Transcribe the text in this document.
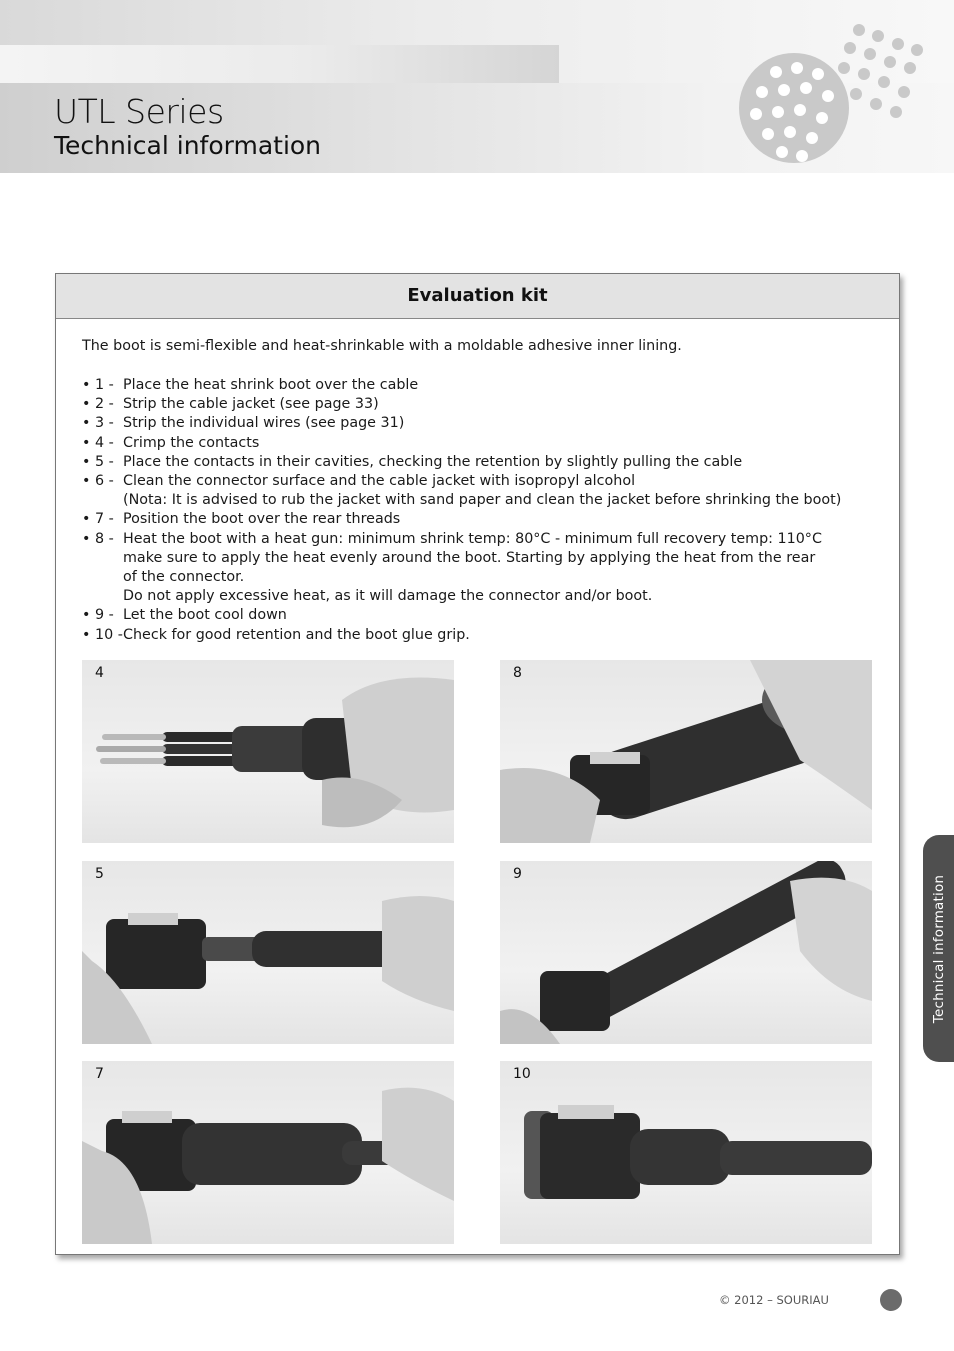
UTL Series
Technical information
Evaluation kit
The boot is semi-flexible and heat-shrinkable with a moldable adhesive inner lining.
• 1 - Place the heat shrink boot over the cable
• 2 - Strip the cable jacket (see page 33)
• 3 - Strip the individual wires (see page 31)
• 4 - Crimp the contacts
• 5 - Place the contacts in their cavities, checking the retention by slightly pulling the cable
• 6 - Clean the connector surface and the cable jacket with isopropyl alcohol
(Nota: It is advised to rub the jacket with sand paper and clean the jacket before shrinking the boot)
• 7 - Position the boot over the rear threads
• 8 - Heat the boot with a heat gun: minimum shrink temp: 80°C - minimum full recovery temp: 110°C
make sure to apply the heat evenly around the boot. Starting by applying the heat from the rear
of the connector.
Do not apply excessive heat, as it will damage the connector and/or boot.
• 9 - Let the boot cool down
• 10 - Check for good retention and the boot glue grip.
4	8
5	9
7	10
Technical information
© 2012 – SOURIAU
